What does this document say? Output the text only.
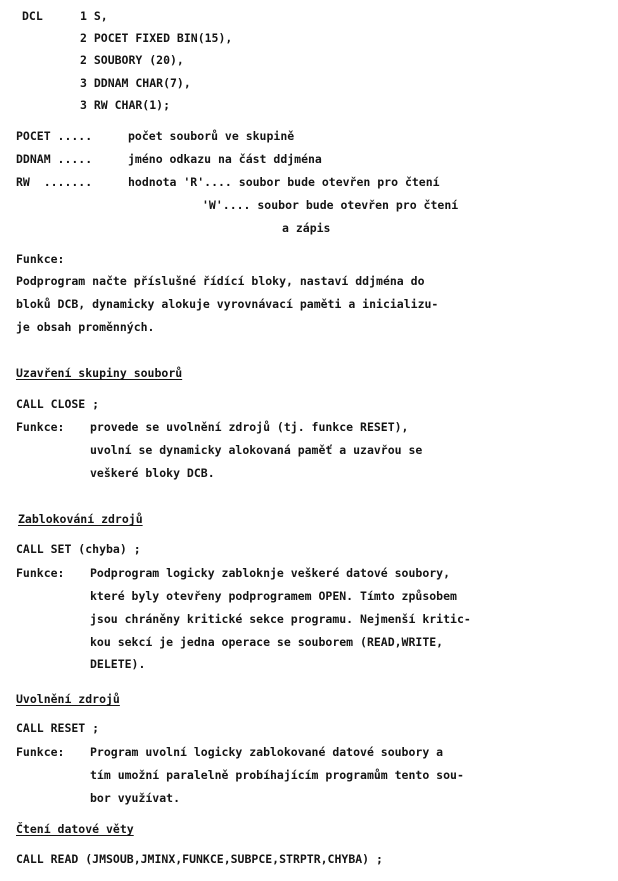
DCL	1 S,
2 POCET FIXED BIN(15),
2 SOUBORY (20),
3 DDNAM CHAR(7),
3 RW CHAR(1);
POCET .....	počet souborů ve skupině
DDNAM .....	jméno odkazu na část ddjména
RW  .......	hodnota 'R'.... soubor bude otevřen pro čtení
'W'.... soubor bude otevřen pro čtení
a zápis
Funkce:
Podprogram načte příslušné řídící bloky, nastaví ddjména do
bloků DCB, dynamicky alokuje vyrovnávací paměti a inicializu-
je obsah proměnných.
Uzavření skupiny souborů
CALL CLOSE ;
Funkce: provede se uvolnění zdrojů (tj. funkce RESET),
uvolní se dynamicky alokovaná paměť a uzavřou se
veškeré bloky DCB.
Zablokování zdrojů
CALL SET (chyba) ;
Funkce: Podprogram logicky zabloknje veškeré datové soubory,
které byly otevřeny podprogramem OPEN. Tímto způsobem
jsou chráněny kritické sekce programu. Nejmenší kritic-
kou sekcí je jedna operace se souborem (READ,WRITE,
DELETE).
Uvolnění zdrojů
CALL RESET ;
Funkce: Program uvolní logicky zablokované datové soubory a
tím umožní paralelně probíhajícím programům tento sou-
bor využívat.
Čtení datové věty
CALL READ (JMSOUB,JMINX,FUNKCE,SUBPCE,STRPTR,CHYBA) ;
